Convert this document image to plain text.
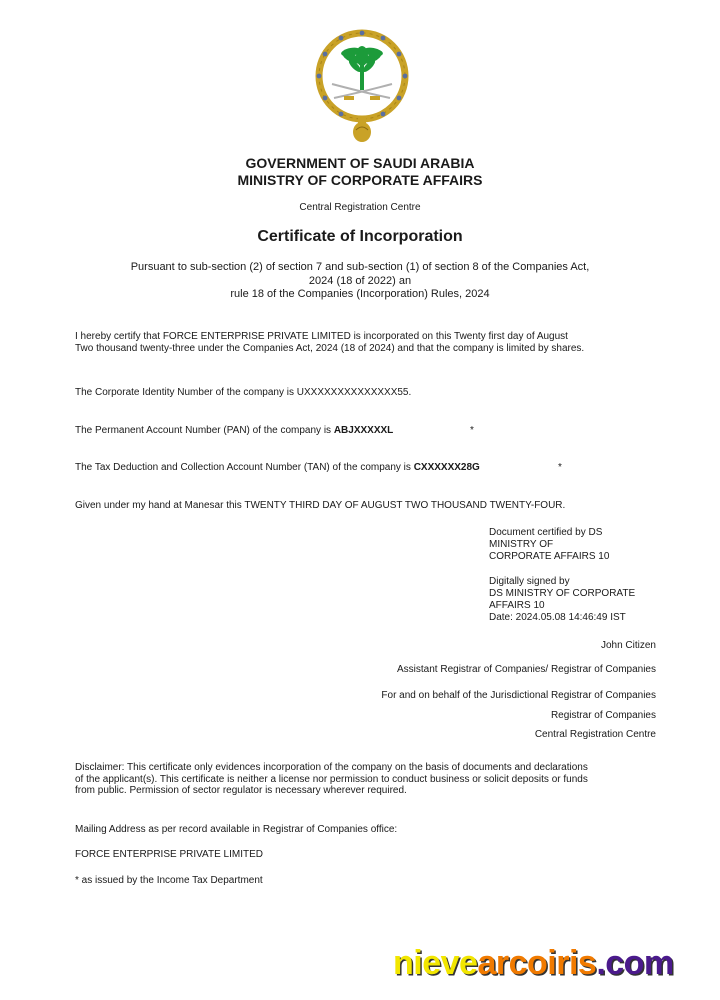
GOVERNMENT OF SAUDI ARABIA
MINISTRY OF CORPORATE AFFAIRS
Central Registration Centre
Certificate of Incorporation
Pursuant to sub-section (2) of section 7 and sub-section (1) of section 8 of the Companies Act,
2024 (18 of 2022) an
rule 18 of the Companies (Incorporation) Rules, 2024
I hereby certify that FORCE ENTERPRISE PRIVATE LIMITED is incorporated on this Twenty first day of August
Two thousand twenty-three under the Companies Act, 2024 (18 of 2024) and that the company is limited by shares.
The Corporate Identity Number of the company is UXXXXXXXXXXXXXX55.
The Permanent Account Number (PAN) of the company is ABJXXXXXL	*
The Tax Deduction and Collection Account Number (TAN) of the company is CXXXXXX28G	*
Given under my hand at Manesar this TWENTY THIRD DAY OF AUGUST TWO THOUSAND TWENTY-FOUR.
Document certified by DS
MINISTRY OF
CORPORATE AFFAIRS 10
Digitally signed by
DS MINISTRY OF CORPORATE
AFFAIRS 10
Date: 2024.05.08 14:46:49 IST
John Citizen
Assistant Registrar of Companies/ Registrar of Companies
For and on behalf of the Jurisdictional Registrar of Companies
Registrar of Companies
Central Registration Centre
Disclaimer: This certificate only evidences incorporation of the company on the basis of documents and declarations
of the applicant(s). This certificate is neither a license nor permission to conduct business or solicit deposits or funds
from public. Permission of sector regulator is necessary wherever required.
Mailing Address as per record available in Registrar of Companies office:
FORCE ENTERPRISE PRIVATE LIMITED
* as issued by the Income Tax Department
nievearcoiris.com
